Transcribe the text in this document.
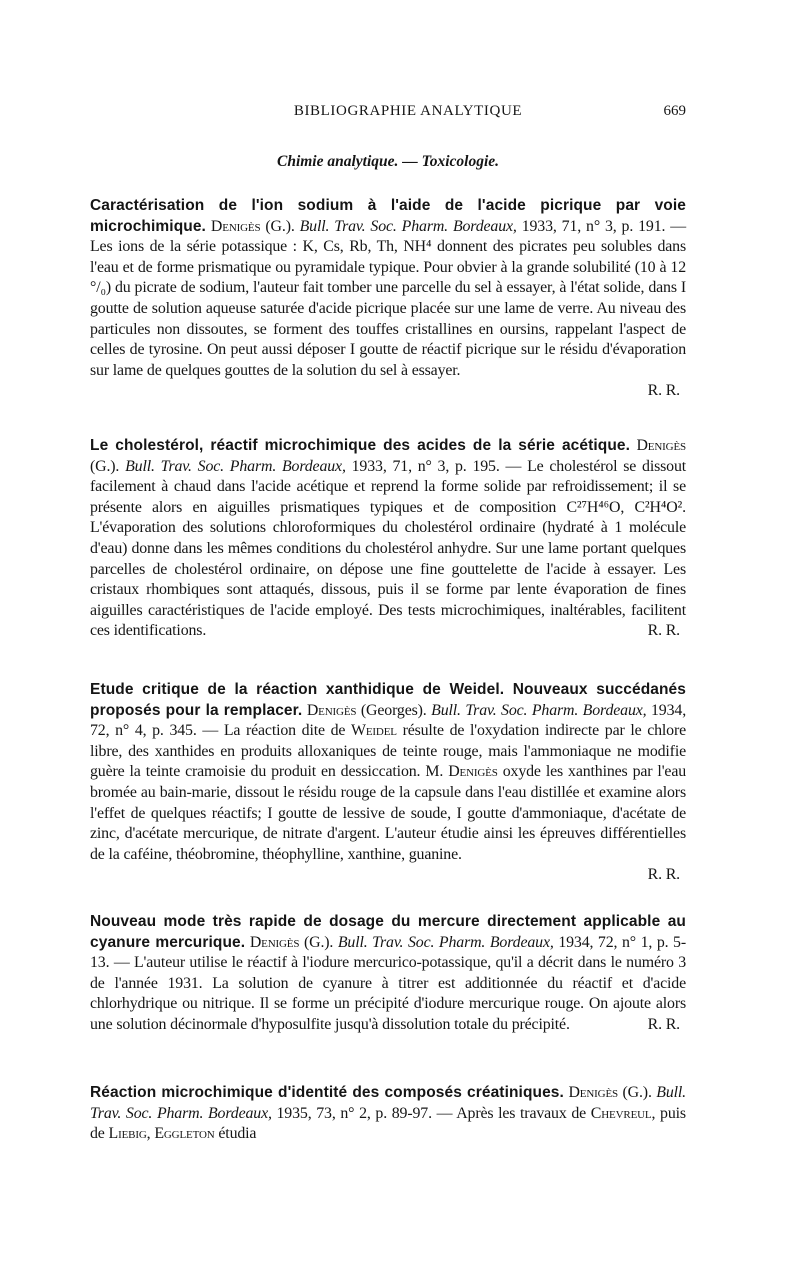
BIBLIOGRAPHIE ANALYTIQUE	669
Chimie analytique. — Toxicologie.
Caractérisation de l'ion sodium à l'aide de l'acide picrique par voie microchimique. Denigès (G.). Bull. Trav. Soc. Pharm. Bordeaux, 1933, 71, n° 3, p. 191. — Les ions de la série potassique : K, Cs, Rb, Th, NH⁴ donnent des picrates peu solubles dans l'eau et de forme prismatique ou pyramidale typique. Pour obvier à la grande solubilité (10 à 12 °/₀) du picrate de sodium, l'auteur fait tomber une parcelle du sel à essayer, à l'état solide, dans I goutte de solution aqueuse saturée d'acide picrique placée sur une lame de verre. Au niveau des particules non dissoutes, se forment des touffes cristallines en oursins, rappelant l'aspect de celles de tyrosine. On peut aussi déposer I goutte de réactif picrique sur le résidu d'évaporation sur lame de quelques gouttes de la solution du sel à essayer.
R. R.
Le cholestérol, réactif microchimique des acides de la série acétique. Denigès (G.). Bull. Trav. Soc. Pharm. Bordeaux, 1933, 71, n° 3, p. 195. — Le cholestérol se dissout facilement à chaud dans l'acide acétique et reprend la forme solide par refroidissement; il se présente alors en aiguilles prismatiques typiques et de composition C²⁷H⁴⁶O, C²H⁴O². L'évaporation des solutions chloroformiques du cholestérol ordinaire (hydraté à 1 molécule d'eau) donne dans les mêmes conditions du cholestérol anhydre. Sur une lame portant quelques parcelles de cholestérol ordinaire, on dépose une fine gouttelette de l'acide à essayer. Les cristaux rhombiques sont attaqués, dissous, puis il se forme par lente évaporation de fines aiguilles caractéristiques de l'acide employé. Des tests microchimiques, inaltérables, facilitent ces identifications.	R. R.
Etude critique de la réaction xanthidique de Weidel. Nouveaux succédanés proposés pour la remplacer. Denigès (Georges). Bull. Trav. Soc. Pharm. Bordeaux, 1934, 72, n° 4, p. 345. — La réaction dite de Weidel résulte de l'oxydation indirecte par le chlore libre, des xanthides en produits alloxaniques de teinte rouge, mais l'ammoniaque ne modifie guère la teinte cramoisie du produit en dessiccation. M. Denigès oxyde les xanthines par l'eau bromée au bain-marie, dissout le résidu rouge de la capsule dans l'eau distillée et examine alors l'effet de quelques réactifs; I goutte de lessive de soude, I goutte d'ammoniaque, d'acétate de zinc, d'acétate mercurique, de nitrate d'argent. L'auteur étudie ainsi les épreuves différentielles de la caféine, théobromine, théophylline, xanthine, guanine.
R. R.
Nouveau mode très rapide de dosage du mercure directement applicable au cyanure mercurique. Denigès (G.). Bull. Trav. Soc. Pharm. Bordeaux, 1934, 72, n° 1, p. 5-13. — L'auteur utilise le réactif à l'iodure mercurico-potassique, qu'il a décrit dans le numéro 3 de l'année 1931. La solution de cyanure à titrer est additionnée du réactif et d'acide chlorhydrique ou nitrique. Il se forme un précipité d'iodure mercurique rouge. On ajoute alors une solution décinormale d'hyposulfite jusqu'à dissolution totale du précipité.	R. R.
Réaction microchimique d'identité des composés créatiniques. Denigès (G.). Bull. Trav. Soc. Pharm. Bordeaux, 1935, 73, n° 2, p. 89-97. — Après les travaux de Chevreul, puis de Liebig, Eggleton étudia
